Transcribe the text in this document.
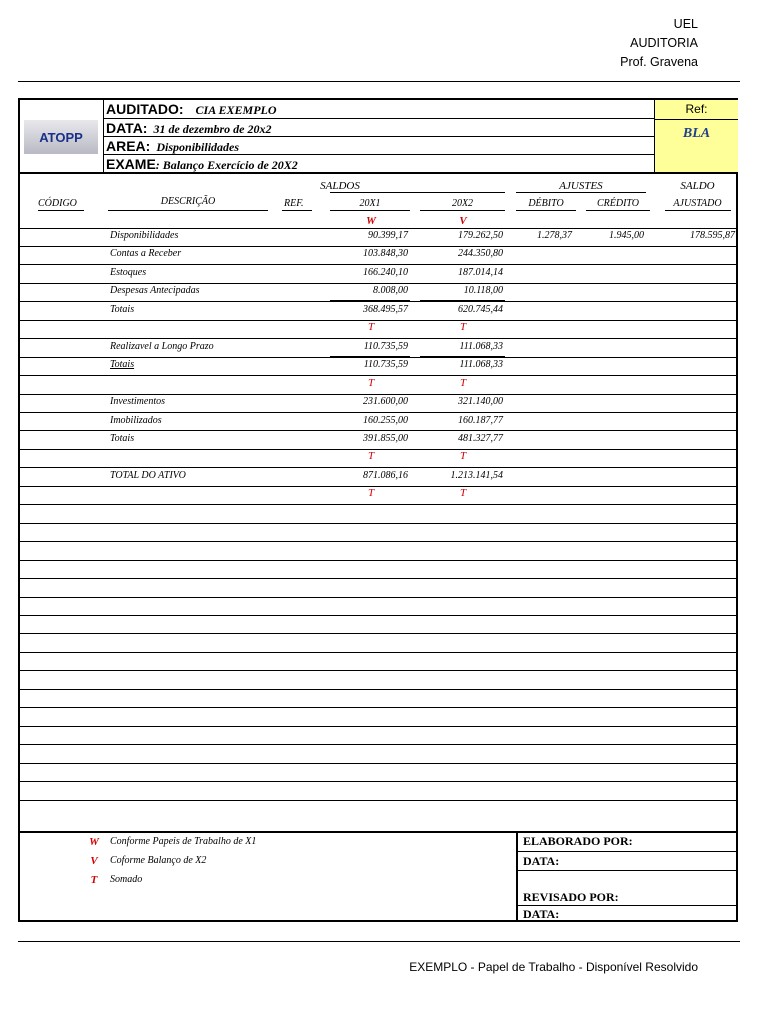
UEL
AUDITORIA
Prof. Gravena
ATOPP
AUDITADO: CIA EXEMPLO
DATA: 31 de dezembro de 20x2
AREA: Disponibilidades
EXAME: Balanço Exercício de 20X2
Ref:
BLA
SALDOS	AJUSTES	SALDO
CÓDIGO	DESCRIÇÃO	REF.	20X1	20X2	DÉBITO	CRÉDITO	AJUSTADO
W	V
Disponibilidades	90.399,17	179.262,50	1.278,37	1.945,00	178.595,87
Contas a Receber	103.848,30	244.350,80
Estoques	166.240,10	187.014,14
Despesas Antecipadas	8.008,00	10.118,00
Totais	368.495,57	620.745,44
T	T
Realizavel a Longo Prazo	110.735,59	111.068,33
Totais	110.735,59	111.068,33
T	T
Investimentos	231.600,00	321.140,00
Imobilizados	160.255,00	160.187,77
Totais	391.855,00	481.327,77
T	T
TOTAL DO ATIVO	871.086,16	1.213.141,54
T	T
W	Conforme Papeis de Trabalho de X1
V	Coforme Balanço de X2
T	Somado
ELABORADO POR:
DATA:
REVISADO POR:
DATA:
EXEMPLO - Papel de Trabalho - Disponível Resolvido
